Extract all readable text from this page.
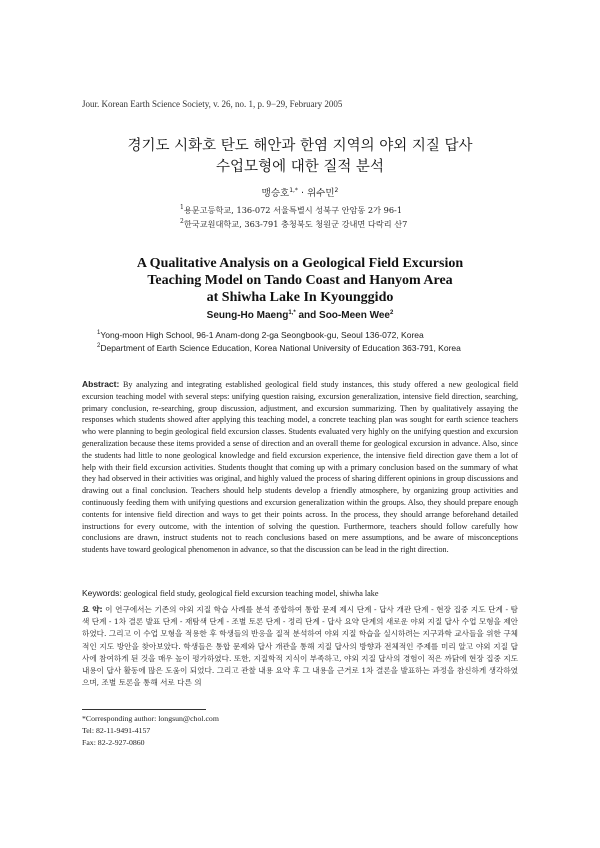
Jour. Korean Earth Science Society, v. 26, no. 1, p. 9−29, February 2005
경기도 시화호 탄도 해안과 한염 지역의 야외 지질 답사
수업모형에 대한 질적 분석
맹승호$^{1,*}$ · 위수민$^2$
$^1$용문고등학교, 136-072 서울특별시 성북구 안암동 2가 96-1
$^2$한국교원대학교, 363-791 충청북도 청원군 강내면 다락리 산7
A Qualitative Analysis on a Geological Field Excursion
Teaching Model on Tando Coast and Hanyom Area
at Shiwha Lake In Kyounggido
Seung-Ho Maeng$^{1,*}$ and Soo-Meen Wee$^2$
$^1$Yong-moon High School, 96-1 Anam-dong 2-ga Seongbook-gu, Seoul 136-072, Korea
$^2$Department of Earth Science Education, Korea National University of Education 363-791, Korea
Abstract: By analyzing and integrating established geological field study instances, this study offered a new geological field excursion teaching model with several steps: unifying question raising, excursion generalization, intensive field direction, searching, primary conclusion, re-searching, group discussion, adjustment, and excursion summarizing. Then by qualitatively assaying the responses which students showed after applying this teaching model, a concrete teaching plan was sought for earth science teachers who were planning to begin geological field excursion classes. Students evaluated very highly on the unifying question and excursion generalization because these items provided a sense of direction and an overall theme for geological excursion in advance. Also, since the students had little to none geological knowledge and field excursion experience, the intensive field direction gave them a lot of help with their field excursion activities. Students thought that coming up with a primary conclusion based on the summary of what they had observed in their activities was original, and highly valued the process of sharing different opinions in group discussions and drawing out a final conclusion. Teachers should help students develop a friendly atmosphere, by organizing group activities and continuously feeding them with unifying questions and excursion generalization within the groups. Also, they should prepare enough contents for intensive field direction and ways to get their points across. In the process, they should arrange beforehand detailed instructions for every outcome, with the intention of solving the question. Furthermore, teachers should follow carefully how conclusions are drawn, instruct students not to reach conclusions based on mere assumptions, and be aware of misconceptions students have toward geological phenomenon in advance, so that the discussion can be lead in the right direction.
Keywords: geological field study, geological field excursion teaching model, shiwha lake
요 약: 이 연구에서는 기존의 야외 지질 학습 사례를 분석 종합하여 통합 문제 제시 단계 - 답사 개관 단계 - 현장 집중 지도 단계 - 탐색 단계 - 1차 결론 발표 단계 - 재탐색 단계 - 조별 토론 단계 - 정리 단계 - 답사 요약 단계의 새로운 야외 지질 답사 수업 모형을 제안하였다. 그리고 이 수업 모형을 적용한 후 학생들의 반응을 질적 분석하여 야외 지질 학습을 실시하려는 지구과학 교사들을 위한 구체적인 지도 방안을 찾아보았다. 학생들은 통합 문제와 답사 개관을 통해 지질 답사의 방향과 전체적인 주제를 미리 알고 야외 지질 답사에 참여하게 된 것을 매우 높이 평가하였다. 또한, 지질학적 지식이 부족하고, 야외 지질 답사의 경험이 적은 까닭에 현장 집중 지도 내용이 답사 활동에 많은 도움이 되었다. 그리고 관찰 내용 요약 후 그 내용을 근거로 1차 결론을 발표하는 과정을 참신하게 생각하였으며, 조별 토론을 통해 서로 다른 의
*Corresponding author: longsun@chol.com
Tel: 82-11-9491-4157
Fax: 82-2-927-0860
